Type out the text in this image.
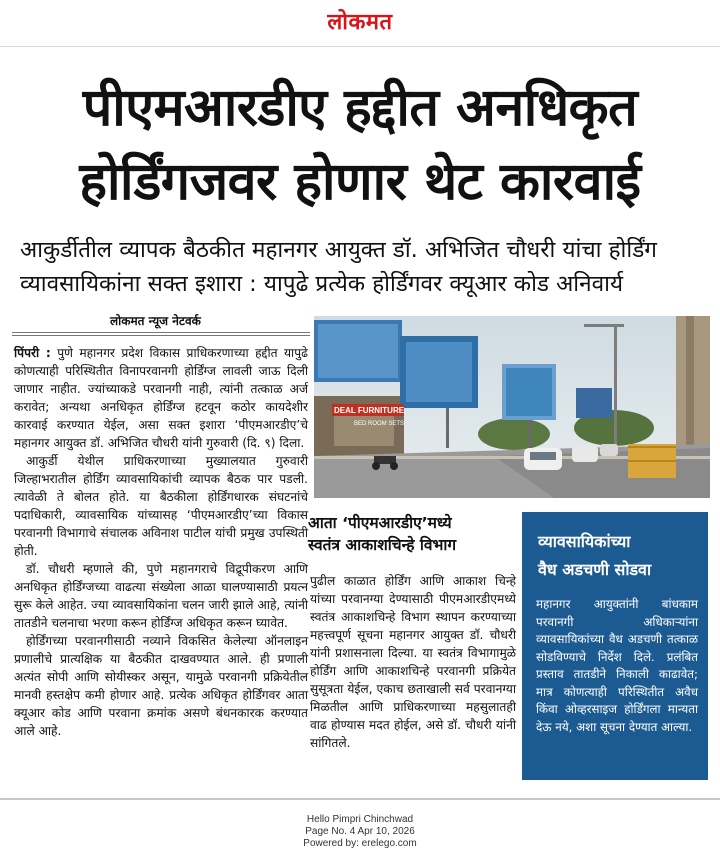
लोकमत
पीएमआरडीए हद्दीत अनधिकृत
होर्डिंगजवर होणार थेट कारवाई
आकुर्डीतील व्यापक बैठकीत महानगर आयुक्त डॉ. अभिजित चौधरी यांचा होर्डिंग
व्यावसायिकांना सक्त इशारा : यापुढे प्रत्येक होर्डिंगवर क्यूआर कोड अनिवार्य
लोकमत न्यूज नेटवर्क

पिंपरी : पुणे महानगर प्रदेश विकास प्राधिकरणाच्या हद्दीत यापुढे कोणत्याही परिस्थितीत विनापरवानगी होर्डिंग्ज लावली जाऊ दिली जाणार नाहीत. ज्यांच्याकडे परवानगी नाही, त्यांनी तत्काळ अर्ज करावेत; अन्यथा अनधिकृत होर्डिंग्ज हटवून कठोर कायदेशीर कारवाई करण्यात येईल, असा सक्त इशारा ‘पीएमआरडीए’चे महानगर आयुक्त डॉ. अभिजित चौधरी यांनी गुरुवारी (दि. ९) दिला.

आकुर्डी येथील प्राधिकरणाच्या मुख्यालयात गुरुवारी जिल्हाभरातील होर्डिंग व्यावसायिकांची व्यापक बैठक पार पडली. त्यावेळी ते बोलत होते. या बैठकीला होर्डिंगधारक संघटनांचे पदाधिकारी, व्यावसायिक यांच्यासह ‘पीएमआरडीए’च्या विकास परवानगी विभागाचे संचालक अविनाश पाटील यांची प्रमुख उपस्थिती होती.

डॉ. चौधरी म्हणाले की, पुणे महानगराचे विद्रूपीकरण आणि अनधिकृत होर्डिंग्जच्या वाढत्या संख्येला आळा घालण्यासाठी प्रयत्न सुरू केले आहेत. ज्या व्यावसायिकांना चलन जारी झाले आहे, त्यांनी तातडीने चलनाचा भरणा करून होर्डिंग्ज अधिकृत करून घ्यावेत.

होर्डिंगच्या परवानगीसाठी नव्याने विकसित केलेल्या ऑनलाइन प्रणालीचे प्रात्यक्षिक या बैठकीत दाखवण्यात आले. ही प्रणाली अत्यंत सोपी आणि सोयीस्कर असून, यामुळे परवानगी प्रक्रियेतील मानवी हस्तक्षेप कमी होणार आहे. प्रत्येक अधिकृत होर्डिंगवर आता क्यूआर कोड आणि परवाना क्रमांक असणे बंधनकारक करण्यात आले आहे.

DEAL FURNITURE
BED ROOM SETS
आता ‘पीएमआरडीए’मध्ये
स्वतंत्र आकाशचिन्हे विभाग

पुढील काळात होर्डिंग आणि आकाश चिन्हे यांच्या परवानग्या देण्यासाठी पीएमआरडीएमध्ये स्वतंत्र आकाशचिन्हे विभाग स्थापन करण्याच्या महत्त्वपूर्ण सूचना महानगर आयुक्त डॉ. चौधरी यांनी प्रशासनाला दिल्या. या स्वतंत्र विभागामुळे होर्डिंग आणि आकाशचिन्हे परवानगी प्रक्रियेत सुसूत्रता येईल, एकाच छताखाली सर्व परवानग्या मिळतील आणि प्राधिकरणाच्या महसुलातही वाढ होण्यास मदत होईल, असे डॉ. चौधरी यांनी सांगितले.

व्यावसायिकांच्या
वैध अडचणी सोडवा
महानगर आयुक्तांनी बांधकाम परवानगी अधिकाऱ्यांना व्यावसायिकांच्या वैध अडचणी तत्काळ सोडविण्याचे निर्देश दिले. प्रलंबित प्रस्ताव तातडीने निकाली काढावेत; मात्र कोणत्याही परिस्थितीत अवैध किंवा ओव्हरसाइज होर्डिंगला मान्यता देऊ नये, अशा सूचना देण्यात आल्या.
Hello Pimpri Chinchwad
Page No. 4 Apr 10, 2026
Powered by: erelego.com
